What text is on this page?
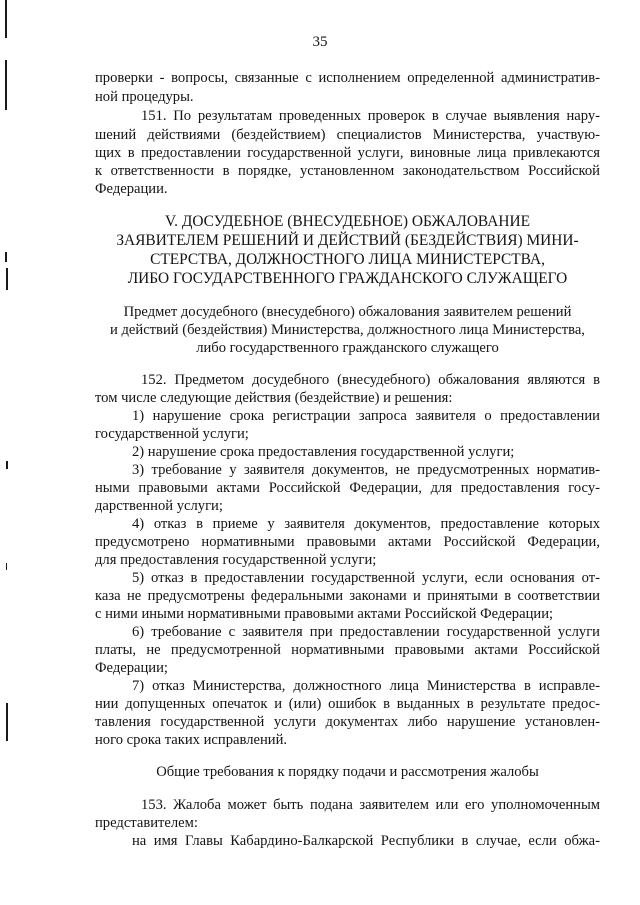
35
проверки - вопросы, связанные с исполнением определенной административ-
ной процедуры.
151. По результатам проведенных проверок в случае выявления нару-
шений действиями (бездействием) специалистов Министерства, участвую-
щих в предоставлении государственной услуги, виновные лица привлекаются
к ответственности в порядке, установленном законодательством Российской
Федерации.
V. ДОСУДЕБНОЕ (ВНЕСУДЕБНОЕ) ОБЖАЛОВАНИЕ
ЗАЯВИТЕЛЕМ РЕШЕНИЙ И ДЕЙСТВИЙ (БЕЗДЕЙСТВИЯ) МИНИ-
СТЕРСТВА, ДОЛЖНОСТНОГО ЛИЦА МИНИСТЕРСТВА,
ЛИБО ГОСУДАРСТВЕННОГО ГРАЖДАНСКОГО СЛУЖАЩЕГО
Предмет досудебного (внесудебного) обжалования заявителем решений
и действий (бездействия) Министерства, должностного лица Министерства,
либо государственного гражданского служащего
152. Предметом досудебного (внесудебного) обжалования являются в
том числе следующие действия (бездействие) и решения:
1) нарушение срока регистрации запроса заявителя о предоставлении
государственной услуги;
2) нарушение срока предоставления государственной услуги;
3) требование у заявителя документов, не предусмотренных норматив-
ными правовыми актами Российской Федерации, для предоставления госу-
дарственной услуги;
4) отказ в приеме у заявителя документов, предоставление которых
предусмотрено нормативными правовыми актами Российской Федерации,
для предоставления государственной услуги;
5) отказ в предоставлении государственной услуги, если основания от-
каза не предусмотрены федеральными законами и принятыми в соответствии
с ними иными нормативными правовыми актами Российской Федерации;
6) требование с заявителя при предоставлении государственной услуги
платы, не предусмотренной нормативными правовыми актами Российской
Федерации;
7) отказ Министерства, должностного лица Министерства в исправле-
нии допущенных опечаток и (или) ошибок в выданных в результате предос-
тавления государственной услуги документах либо нарушение установлен-
ного срока таких исправлений.
Общие требования к порядку подачи и рассмотрения жалобы
153. Жалоба может быть подана заявителем или его уполномоченным
представителем:
на имя Главы Кабардино-Балкарской Республики в случае, если обжа-
